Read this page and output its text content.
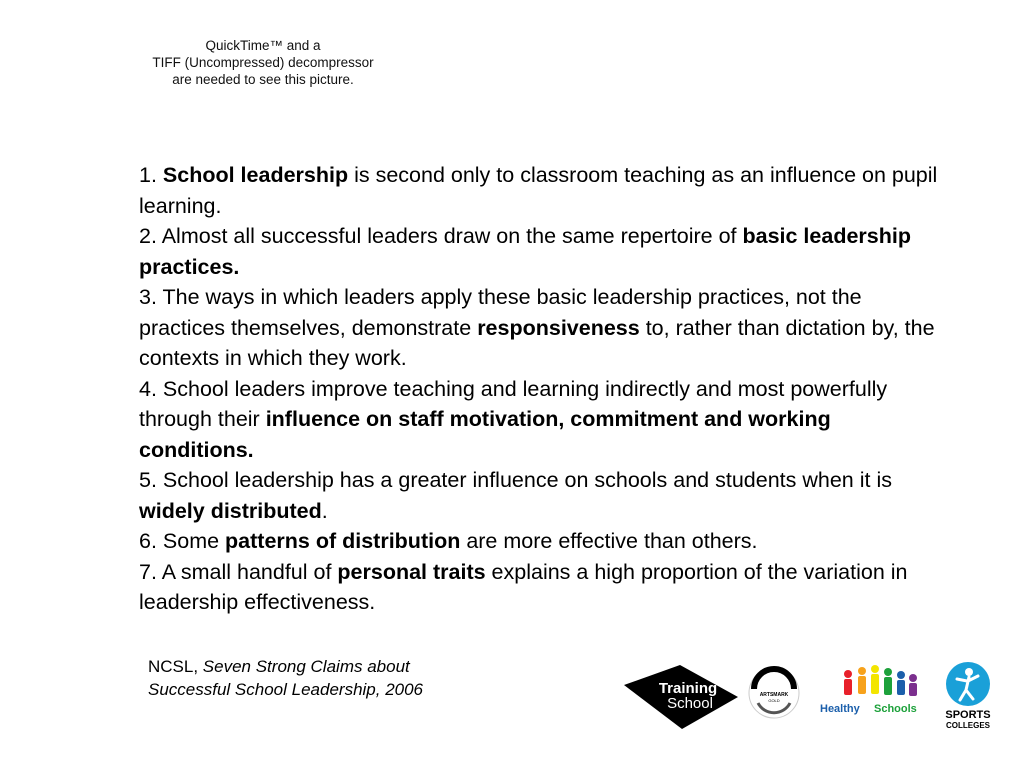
QuickTime™ and a
TIFF (Uncompressed) decompressor
are needed to see this picture.

1. School leadership is second only to classroom teaching as an influence on pupil learning.

2. Almost all successful leaders draw on the same repertoire of basic leadership practices.

3. The ways in which leaders apply these basic leadership practices, not the practices themselves, demonstrate responsiveness to, rather than dictation by, the contexts in which they work.

4. School leaders improve teaching and learning indirectly and most powerfully through their influence on staff motivation, commitment and working conditions.

5. School leadership has a greater influence on schools and students when it is widely distributed.

6. Some patterns of distribution are more effective than others.

7. A small handful of personal traits explains a high proportion of the variation in leadership effectiveness.

NCSL, Seven Strong Claims about
Successful School Leadership, 2006	Training
School	ARTSMARK
GOLD
Healthy Schools	SPORTS
COLLEGES
